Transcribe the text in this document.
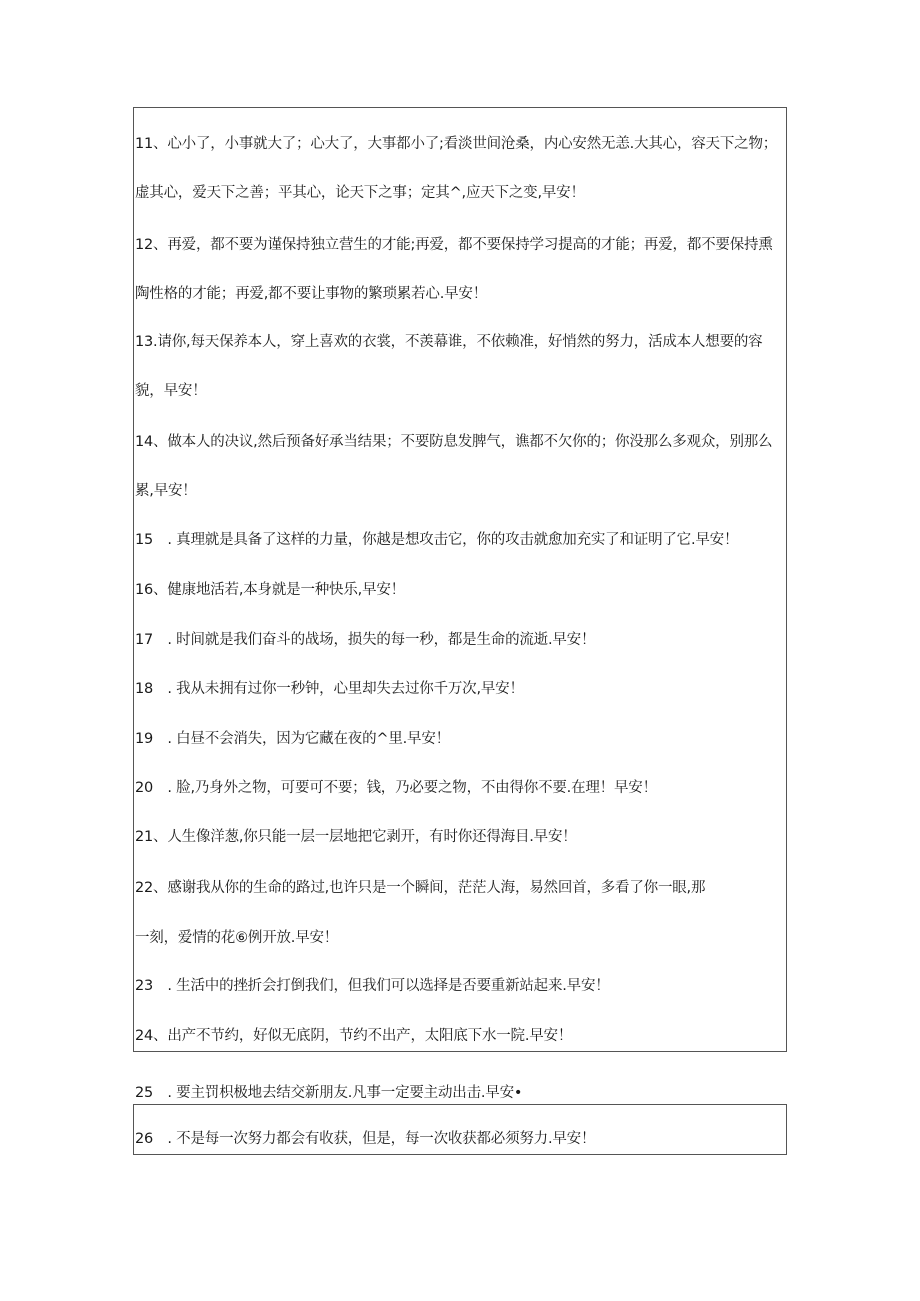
11、心小了，小事就大了；心大了，大事都小了;看淡世间沧桑，内心安然无恙.大其心，容天下之物；
虚其心，爱天下之善；平其心，论天下之事；定其^,应天下之变,早安！
12、再爱，都不要为谨保持独立营生的才能;再爱，都不要保持学习提高的才能；再爱，都不要保持熏
陶性格的才能；再爱,都不要让事物的繁琐累若心.早安！
13.请你,每天保养本人，穿上喜欢的衣裳，不羡幕谁，不依赖准，好悄然的努力，活成本人想要的容
貌，早安！
14、做本人的决议,然后预备好承当结果；不要防息发脾气，谯都不欠你的；你没那么多观众，别那么
累,早安！
15　. 真理就是具备了这样的力量，你越是想攻击它，你的攻击就愈加充实了和证明了它.早安！
16、健康地活若,本身就是一种快乐,早安！
17　. 时间就是我们奋斗的战场，损失的每一秒，都是生命的流逝.早安！
18　. 我从未拥有过你一秒钟，心里却失去过你千万次,早安！
19　. 白昼不会消失，因为它藏在夜的^里.早安！
20　. 脸,乃身外之物，可要可不要；钱，乃必要之物，不由得你不要.在理！早安！
21、人生像洋葱,你只能一层一层地把它剥开，有时你还得海目.早安！
22、感谢我从你的生命的路过,也许只是一个瞬间，茫茫人海，易然回首，多看了你一眼,那
一刻，爱情的花⑥例开放.早安！
23　. 生活中的挫折会打倒我们，但我们可以选择是否要重新站起来.早安！
24、出产不节约，好似无底阴，节约不出产，太阳底下水一院.早安！
25　. 要主罚枳极地去结交新朋友.凡事一定要主动出击.早安•
26　. 不是每一次努力都会有收获，但是，每一次收获都必须努力.早安！
